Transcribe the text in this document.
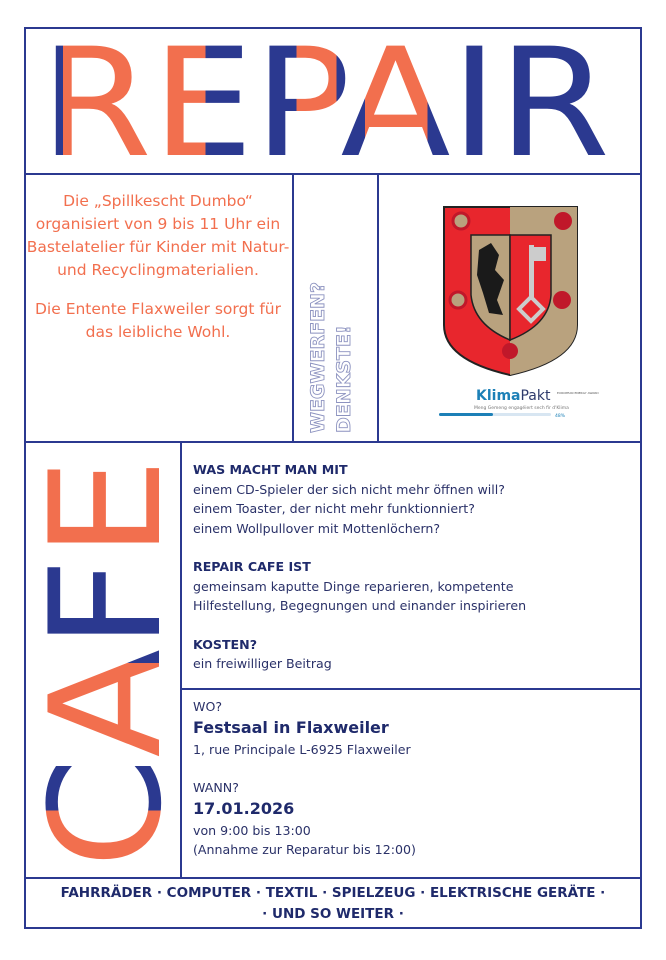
REPAIR

Die „Spillkescht Dumbo“ organisiert von 9 bis 11 Uhr ein Bastelatelier für Kinder mit Natur- und Recyclingmaterialien.

Die Entente Flaxweiler sorgt für das leibliche Wohl.	WEGWERFEN? DENKSTE!	KlimaPakt EUROPEAN ENERGY AWARD
Meng Gemeng engagéiert sech fir d'Klima
48%
CAFE
WAS MACHT MAN MIT

einem CD-Spieler der sich nicht mehr öffnen will?
einem Toaster, der nicht mehr funktionniert?
einem Wollpullover mit Mottenlöchern?

REPAIR CAFE IST

gemeinsam kaputte Dinge reparieren, kompetente
Hilfestellung, Begegnungen und einander inspirieren

KOSTEN?

ein freiwilliger Beitrag

WO?
Festsaal in Flaxweiler
1, rue Principale L-6925 Flaxweiler
WANN?
17.01.2026
von 9:00 bis 13:00
(Annahme zur Reparatur bis 12:00)
FAHRRÄDER · COMPUTER · TEXTIL · SPIELZEUG · ELEKTRISCHE GERÄTE ·
· UND SO WEITER ·
